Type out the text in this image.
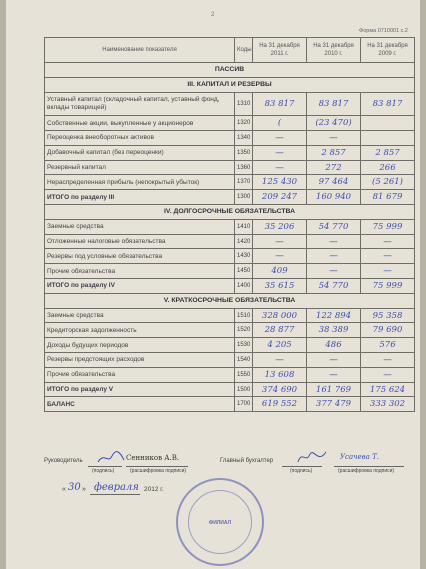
2
Форма 0710001 с.2
Наименование показателя	Коды	На 31 декабря 2011 г.	На 31 декабря 2010 г.	На 31 декабря 2009 г.
ПАССИВ				
III. КАПИТАЛ И РЕЗЕРВЫ				
Уставный капитал (складочный капитал, уставный фонд, вклады товарищей)	1310	83 817	83 817	83 817
Собственные акции, выкупленные у акционеров	1320	(	(23 470)	
Переоценка внеоборотных активов	1340	—	—	
Добавочный капитал (без переоценки)	1350	—	2 857	2 857
Резервный капитал	1360	—	272	266
Нераспределенная прибыль (непокрытый убыток)	1370	125 430	97 464	(5 261)
ИТОГО по разделу III	1300	209 247	160 940	81 679
IV. ДОЛГОСРОЧНЫЕ ОБЯЗАТЕЛЬСТВА				
Заемные средства	1410	35 206	54 770	75 999
Отложенные налоговые обязательства	1420	—	—	—
Резервы под условные обязательства	1430	—	—	—
Прочие обязательства	1450	409	—	—
ИТОГО по разделу IV	1400	35 615	54 770	75 999
V. КРАТКОСРОЧНЫЕ ОБЯЗАТЕЛЬСТВА				
Заемные средства	1510	328 000	122 894	95 358
Кредиторская задолженность	1520	28 877	38 389	79 690
Доходы будущих периодов	1530	4 205	486	576
Резервы предстоящих расходов	1540	—	—	—
Прочие обязательства	1550	13 608	—	—
ИТОГО по разделу V	1500	374 690	161 769	175 624
БАЛАНС	1700	619 552	377 479	333 302
Руководитель
(подпись)
Сенников А.В.
(расшифровка подписи)
Главный бухгалтер
(подпись)
Усачева Т.
(расшифровка подписи)
« 30 » февраля 2012 г.
ФИЛИАЛ
